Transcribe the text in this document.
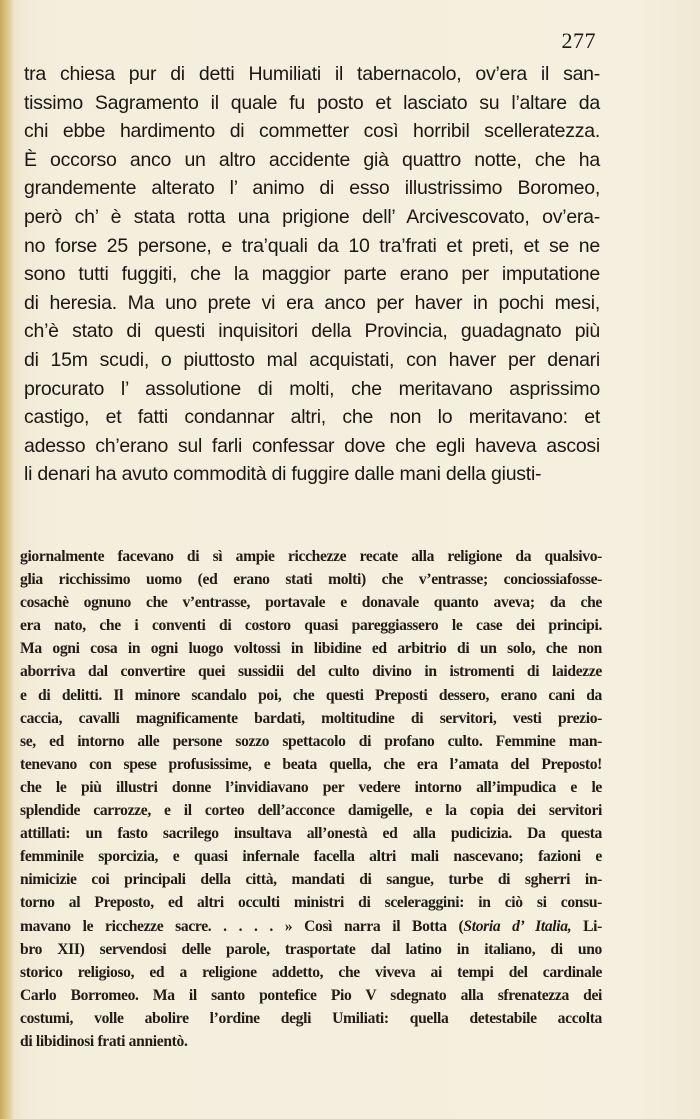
277

tra chiesa pur di detti Humiliati il tabernacolo, ov’era il san-
tissimo Sagramento il quale fu posto et lasciato su l’altare da
chi ebbe hardimento di commetter così horribil scelleratezza.
È occorso anco un altro accidente già quattro notte, che ha
grandemente alterato l’ animo di esso illustrissimo Boromeo,
però ch’ è stata rotta una prigione dell’ Arcivescovato, ov’era-
no forse 25 persone, e tra’quali da 10 tra’frati et preti, et se ne
sono tutti fuggiti, che la maggior parte erano per imputatione
di heresia. Ma uno prete vi era anco per haver in pochi mesi,
ch’è stato di questi inquisitori della Provincia, guadagnato più
di 15m scudi, o piuttosto mal acquistati, con haver per denari
procurato l’ assolutione di molti, che meritavano asprissimo
castigo, et fatti condannar altri, che non lo meritavano: et
adesso ch’erano sul farli confessar dove che egli haveva ascosi
li denari ha avuto commodità di fuggire dalle mani della giusti-

giornalmente facevano di sì ampie ricchezze recate alla religione da qualsivo-
glia ricchissimo uomo (ed erano stati molti) che v’entrasse; conciossiafosse-
cosachè ognuno che v’entrasse, portavale e donavale quanto aveva; da che
era nato, che i conventi di costoro quasi pareggiassero le case dei principi.
Ma ogni cosa in ogni luogo voltossi in libidine ed arbitrio di un solo, che non
aborriva dal convertire quei sussidii del culto divino in istromenti di laidezze
e di delitti. Il minore scandalo poi, che questi Preposti dessero, erano cani da
caccia, cavalli magnificamente bardati, moltitudine di servitori, vesti prezio-
se, ed intorno alle persone sozzo spettacolo di profano culto. Femmine man-
tenevano con spese profusissime, e beata quella, che era l’amata del Preposto!
che le più illustri donne l’invidiavano per vedere intorno all’impudica e le
splendide carrozze, e il corteo dell’acconce damigelle, e la copia dei servitori
attillati: un fasto sacrilego insultava all’onestà ed alla pudicizia. Da questa
femminile sporcizia, e quasi infernale facella altri mali nascevano; fazioni e
nimicizie coi principali della città, mandati di sangue, turbe di sgherri in-
torno al Preposto, ed altri occulti ministri di sceleraggini: in ciò si consu-
mavano le ricchezze sacre. . . . . » Così narra il Botta (Storia d’ Italia, Li-
bro XII) servendosi delle parole, trasportate dal latino in italiano, di uno
storico religioso, ed a religione addetto, che viveva ai tempi del cardinale
Carlo Borromeo. Ma il santo pontefice Pio V sdegnato alla sfrenatezza dei
costumi, volle abolire l’ordine degli Umiliati: quella detestabile accolta
di libidinosi frati annientò.
